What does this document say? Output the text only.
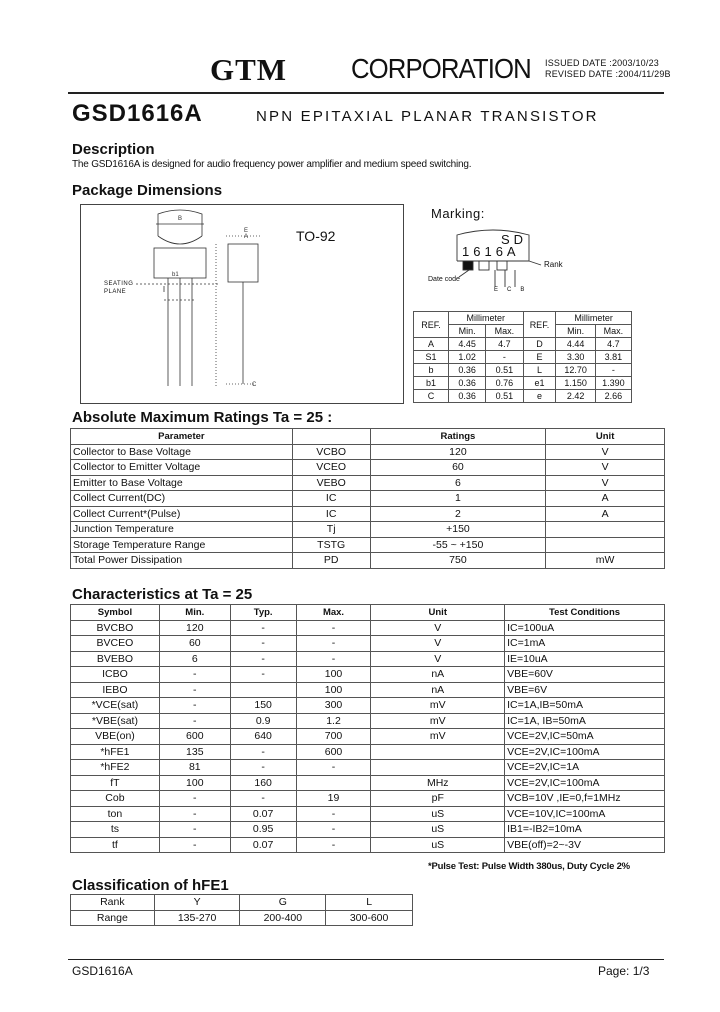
GTM CORPORATION ISSUED DATE :2003/10/23
REVISED DATE :2004/11/29B
GSD1616A	NPN EPITAXIAL PLANAR TRANSISTOR
Description
The GSD1616A is designed for audio frequency power amplifier and medium speed switching.
Package Dimensions
B
E
b1
C
A	TO-92
SEATING
PLANE
Marking:
SD
1616A
Rank
Date code
ECB
REF.	Millimeter		REF.	Millimeter	
	Min.	Max.		Min.	Max.
A	4.45	4.7	D	4.44	4.7
S1	1.02	-	E	3.30	3.81
b	0.36	0.51	L	12.70	-
b1	0.36	0.76	e1	1.150	1.390
C	0.36	0.51	e	2.42	2.66
Absolute Maximum Ratings Ta = 25 :
Parameter		Ratings	Unit
Collector to Base Voltage	VCBO	120	V
Collector to Emitter Voltage	VCEO	60	V
Emitter to Base Voltage	VEBO	6	V
Collect Current(DC)	IC	1	A
Collect Current*(Pulse)	IC	2	A
Junction Temperature	Tj	+150	
Storage Temperature Range	TSTG	-55 ~ +150	
Total Power Dissipation	PD	750	mW
Characteristics at Ta = 25
Symbol	Min.	Typ.	Max.	Unit	Test Conditions
BVCBO	120	-	-	V	IC=100uA
BVCEO	60	-	-	V	IC=1mA
BVEBO	6	-	-	V	IE=10uA
ICBO	-	-	100	nA	VBE=60V
IEBO	-		100	nA	VBE=6V
*VCE(sat)	-	150	300	mV	IC=1A,IB=50mA
*VBE(sat)	-	0.9	1.2	mV	IC=1A, IB=50mA
VBE(on)	600	640	700	mV	VCE=2V,IC=50mA
*hFE1	135	-	600		VCE=2V,IC=100mA
*hFE2	81	-	-		VCE=2V,IC=1A
fT	100	160		MHz	VCE=2V,IC=100mA
Cob	-	-	19	pF	VCB=10V ,IE=0,f=1MHz
ton	-	0.07	-	uS	VCE=10V,IC=100mA
ts	-	0.95	-	uS	IB1=-IB2=10mA
tf	-	0.07	-	uS	VBE(off)=2~-3V
*Pulse Test: Pulse Width 380us, Duty Cycle 2%
Classification of hFE1
Rank	Y	G	L
Range	135-270	200-400	300-600
GSD1616A	Page: 1/3
